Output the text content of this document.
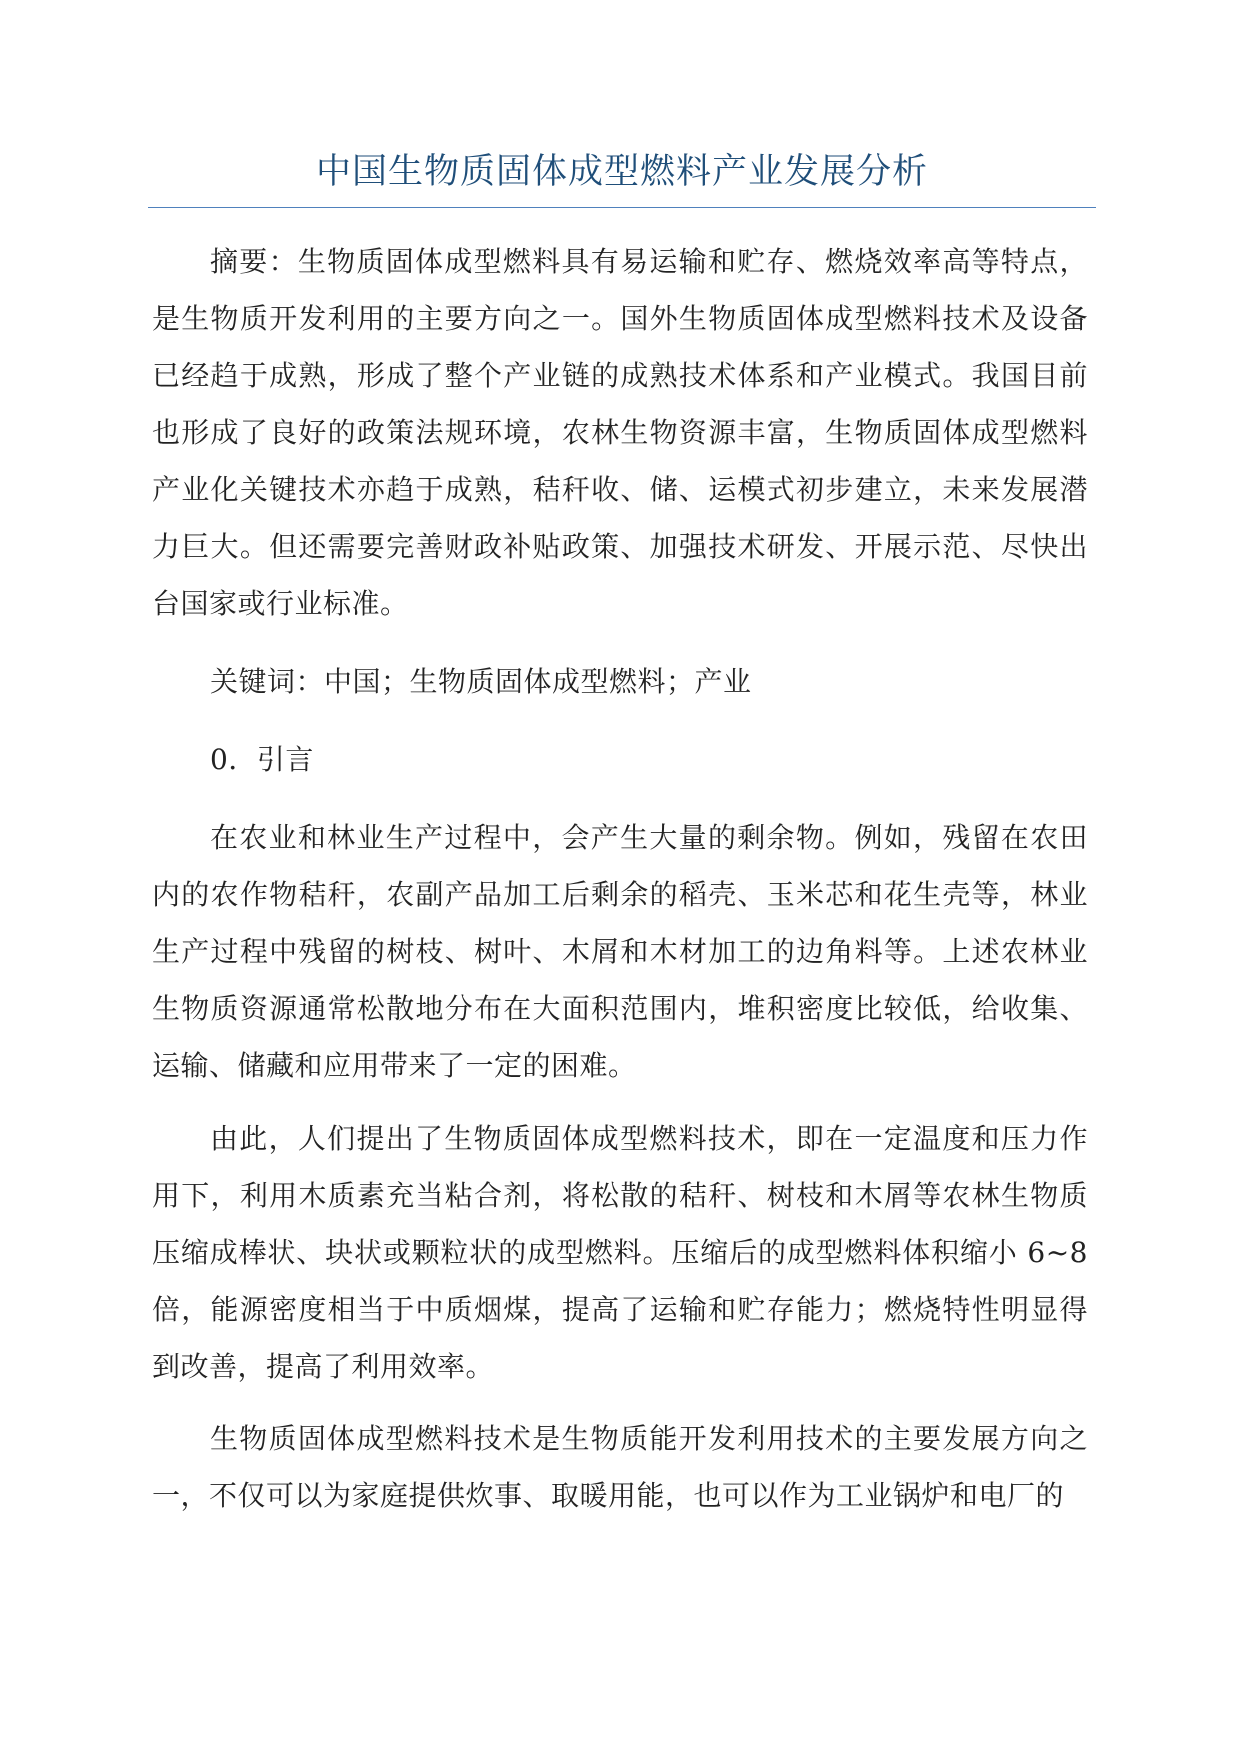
中国生物质固体成型燃料产业发展分析

摘要：生物质固体成型燃料具有易运输和贮存、燃烧效率高等特点，是生物质开发利用的主要方向之一。国外生物质固体成型燃料技术及设备已经趋于成熟，形成了整个产业链的成熟技术体系和产业模式。我国目前也形成了良好的政策法规环境，农林生物资源丰富，生物质固体成型燃料产业化关键技术亦趋于成熟，秸秆收、储、运模式初步建立，未来发展潜力巨大。但还需要完善财政补贴政策、加强技术研发、开展示范、尽快出台国家或行业标准。

关键词：中国；生物质固体成型燃料；产业

0．引言

在农业和林业生产过程中，会产生大量的剩余物。例如，残留在农田内的农作物秸秆，农副产品加工后剩余的稻壳、玉米芯和花生壳等，林业生产过程中残留的树枝、树叶、木屑和木材加工的边角料等。上述农林业生物质资源通常松散地分布在大面积范围内，堆积密度比较低，给收集、运输、储藏和应用带来了一定的困难。

由此，人们提出了生物质固体成型燃料技术，即在一定温度和压力作用下，利用木质素充当粘合剂，将松散的秸秆、树枝和木屑等农林生物质压缩成棒状、块状或颗粒状的成型燃料。压缩后的成型燃料体积缩小 6~8 倍，能源密度相当于中质烟煤，提高了运输和贮存能力；燃烧特性明显得到改善，提高了利用效率。

生物质固体成型燃料技术是生物质能开发利用技术的主要发展方向之一，不仅可以为家庭提供炊事、取暖用能，也可以作为工业锅炉和电厂的
